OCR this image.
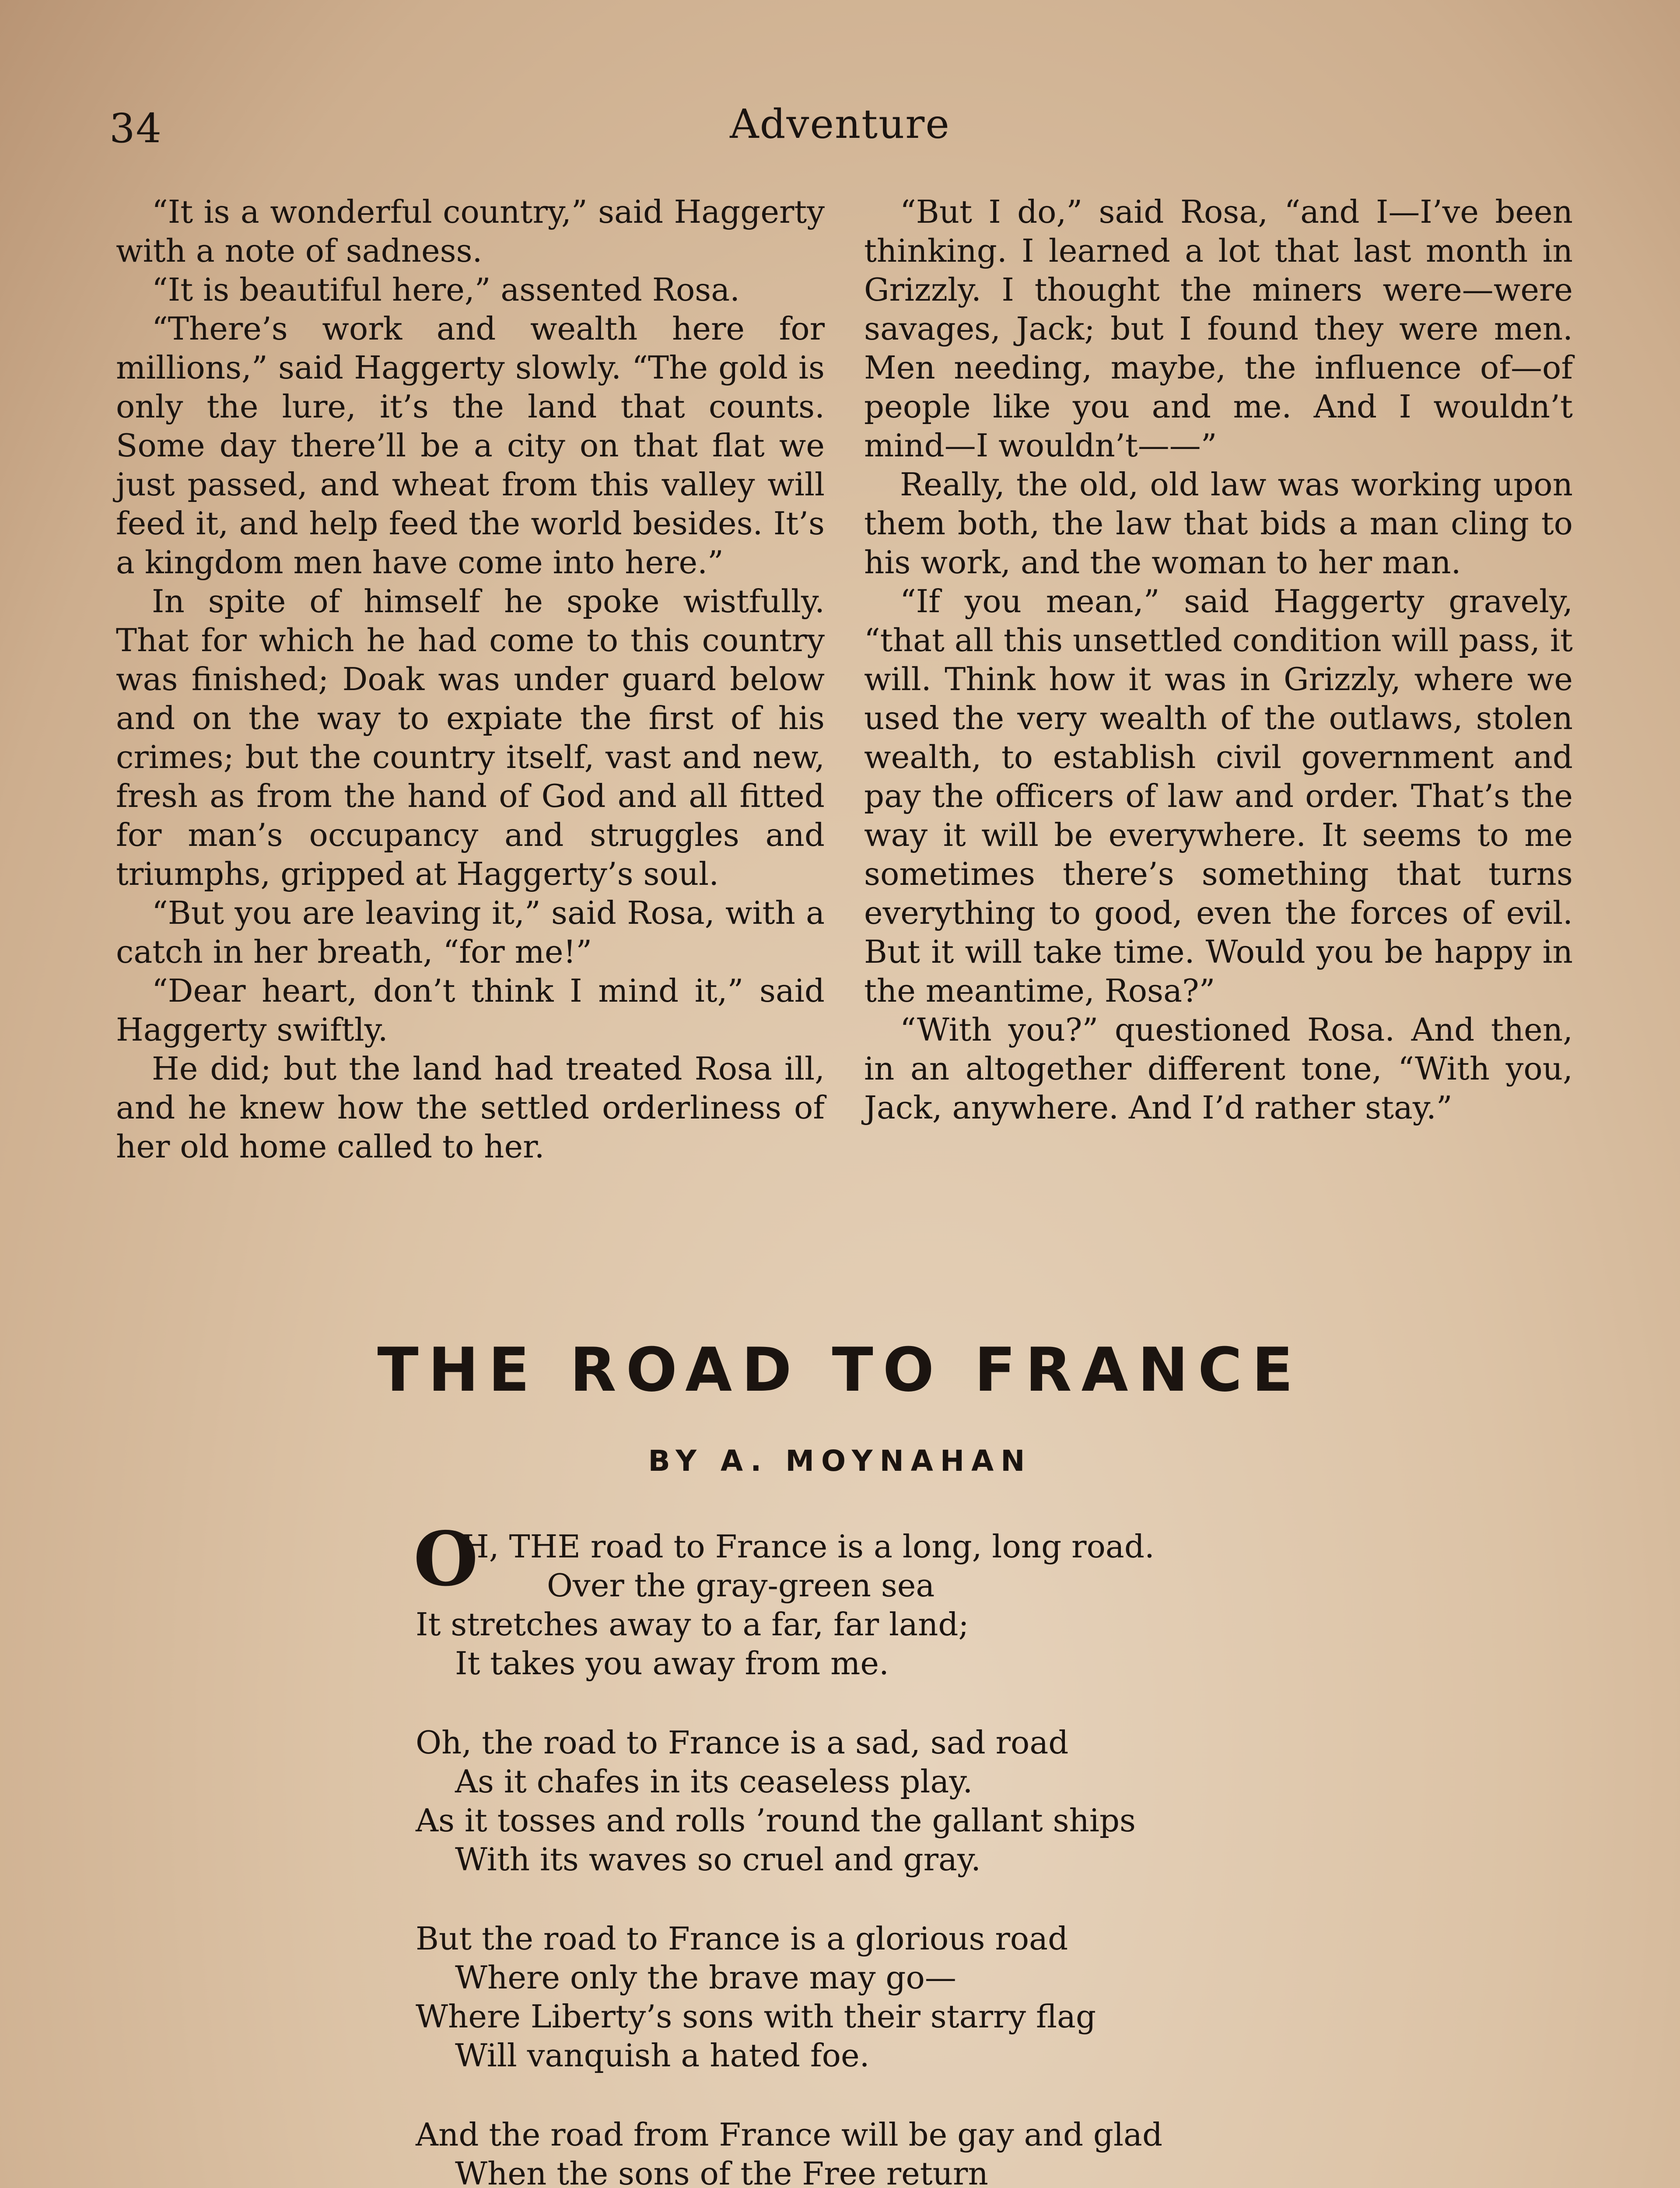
34	Adventure

“It is a wonderful country,” said Haggerty with a note of sadness.

“It is beautiful here,” assented Rosa.

“There’s work and wealth here for millions,” said Haggerty slowly. “The gold is only the lure, it’s the land that counts. Some day there’ll be a city on that flat we just passed, and wheat from this valley will feed it, and help feed the world besides. It’s a kingdom men have come into here.”

In spite of himself he spoke wistfully. That for which he had come to this country was finished; Doak was under guard below and on the way to expiate the first of his crimes; but the country itself, vast and new, fresh as from the hand of God and all fitted for man’s occupancy and struggles and triumphs, gripped at Haggerty’s soul.

“But you are leaving it,” said Rosa, with a catch in her breath, “for me!”

“Dear heart, don’t think I mind it,” said Haggerty swiftly.

He did; but the land had treated Rosa ill, and he knew how the settled orderliness of her old home called to her.

“But I do,” said Rosa, “and I—I’ve been thinking. I learned a lot that last month in Grizzly. I thought the miners were—were savages, Jack; but I found they were men. Men needing, maybe, the influence of—of people like you and me. And I wouldn’t mind—I wouldn’t——”

Really, the old, old law was working upon them both, the law that bids a man cling to his work, and the woman to her man.

“If you mean,” said Haggerty gravely, “that all this unsettled condition will pass, it will. Think how it was in Grizzly, where we used the very wealth of the outlaws, stolen wealth, to establish civil government and pay the officers of law and order. That’s the way it will be everywhere. It seems to me sometimes there’s something that turns everything to good, even the forces of evil. But it will take time. Would you be happy in the meantime, Rosa?”

“With you?” questioned Rosa. And then, in an altogether different tone, “With you, Jack, anywhere. And I’d rather stay.”

THE ROAD TO FRANCE
BY A. MOYNAHAN
O
H, THE road to France is a long, long road.
Over the gray-green sea
It stretches away to a far, far land;
It takes you away from me.
Oh, the road to France is a sad, sad road
As it chafes in its ceaseless play.
As it tosses and rolls ’round the gallant ships
With its waves so cruel and gray.
But the road to France is a glorious road
Where only the brave may go—
Where Liberty’s sons with their starry flag
Will vanquish a hated foe.
And the road from France will be gay and glad
When the sons of the Free return
